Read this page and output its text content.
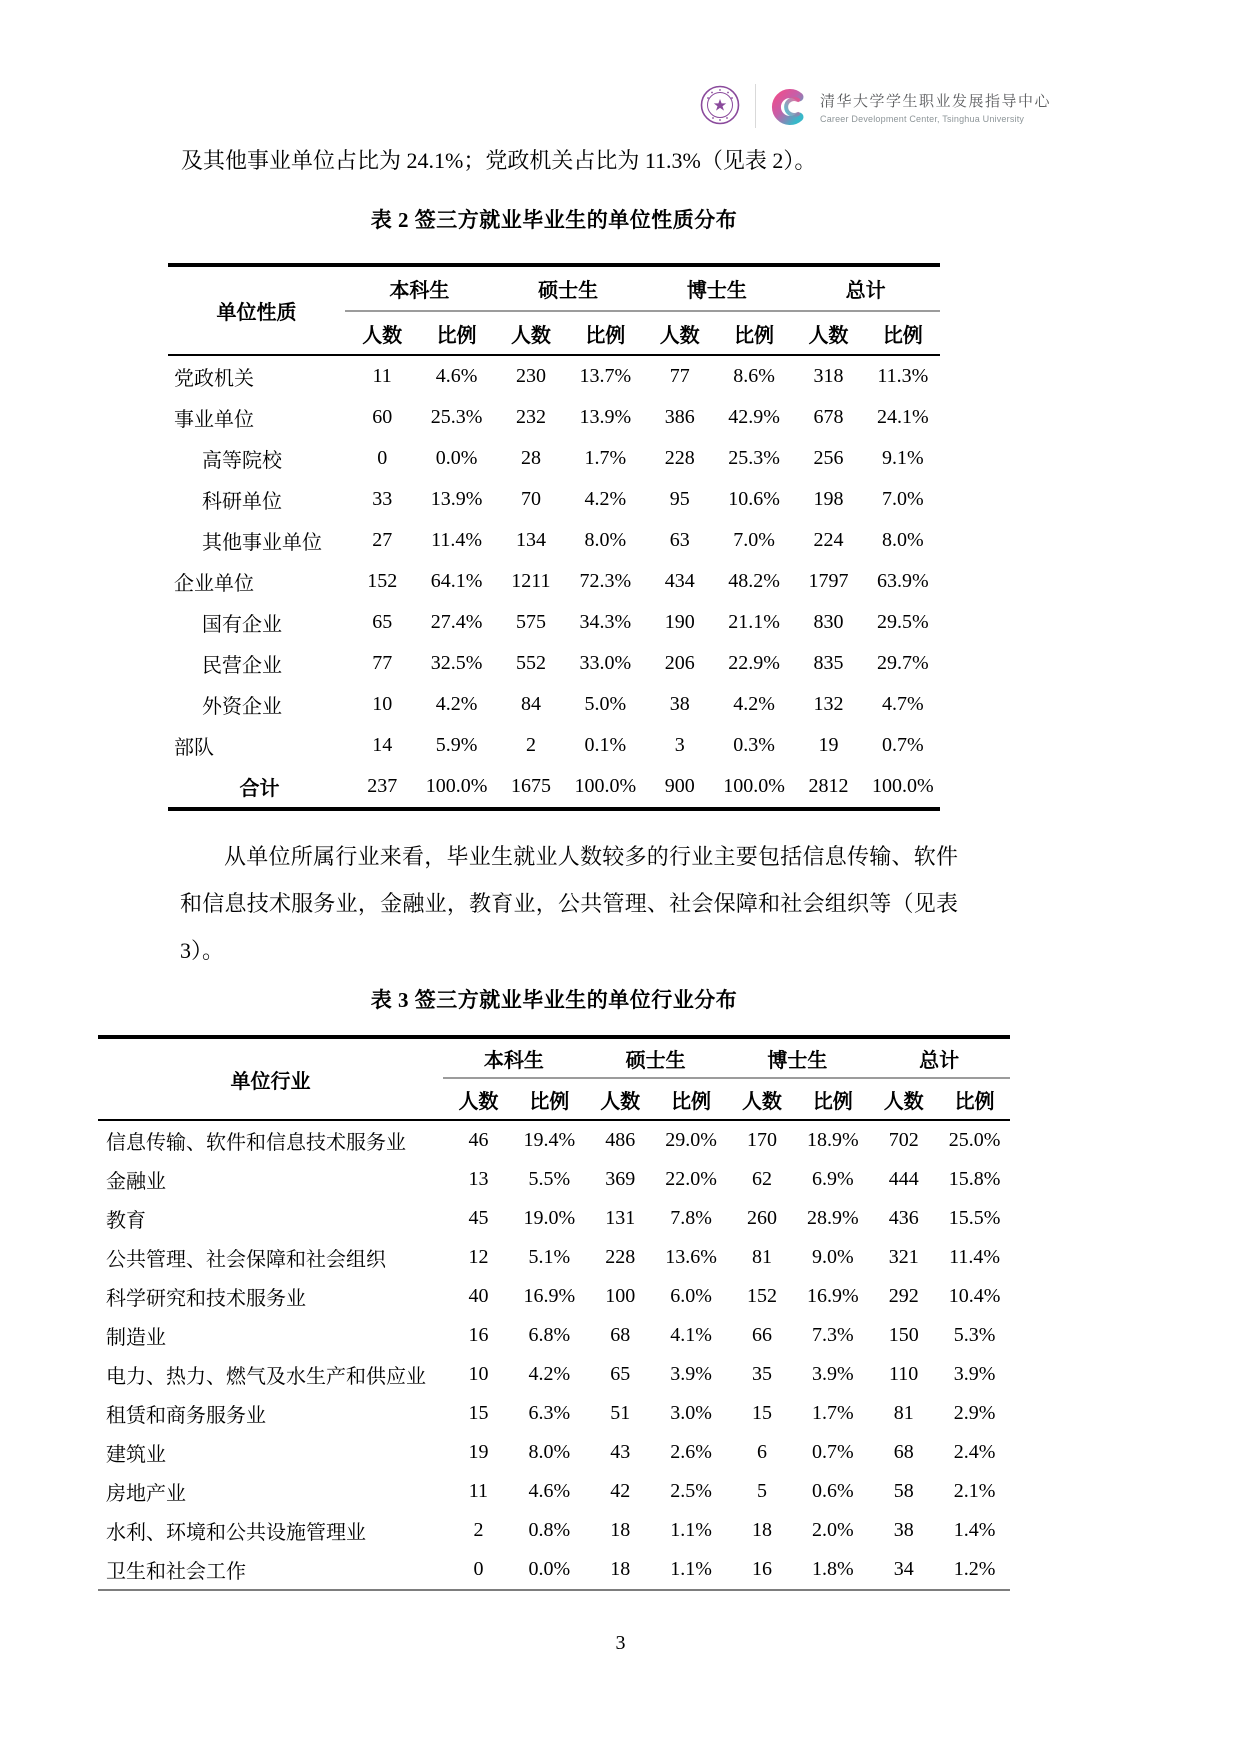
清华大学学生职业发展指导中心
Career Development Center, Tsinghua University
及其他事业单位占比为 24.1%；党政机关占比为 11.3%（见表 2）。
表 2 签三方就业毕业生的单位性质分布
单位性质	本科生		硕士生		博士生		总计	
	人数	比例	人数	比例	人数	比例	人数	比例
党政机关	11	4.6%	230	13.7%	77	8.6%	318	11.3%
事业单位	60	25.3%	232	13.9%	386	42.9%	678	24.1%
高等院校	0	0.0%	28	1.7%	228	25.3%	256	9.1%
科研单位	33	13.9%	70	4.2%	95	10.6%	198	7.0%
其他事业单位	27	11.4%	134	8.0%	63	7.0%	224	8.0%
企业单位	152	64.1%	1211	72.3%	434	48.2%	1797	63.9%
国有企业	65	27.4%	575	34.3%	190	21.1%	830	29.5%
民营企业	77	32.5%	552	33.0%	206	22.9%	835	29.7%
外资企业	10	4.2%	84	5.0%	38	4.2%	132	4.7%
部队	14	5.9%	2	0.1%	3	0.3%	19	0.7%
合计	237	100.0%	1675	100.0%	900	100.0%	2812	100.0%
从单位所属行业来看，毕业生就业人数较多的行业主要包括信息传输、软件和信息技术服务业，金融业，教育业，公共管理、社会保障和社会组织等（见表 3）。
表 3 签三方就业毕业生的单位行业分布
单位行业	本科生		硕士生		博士生		总计	
	人数	比例	人数	比例	人数	比例	人数	比例
信息传输、软件和信息技术服务业	46	19.4%	486	29.0%	170	18.9%	702	25.0%
金融业	13	5.5%	369	22.0%	62	6.9%	444	15.8%
教育	45	19.0%	131	7.8%	260	28.9%	436	15.5%
公共管理、社会保障和社会组织	12	5.1%	228	13.6%	81	9.0%	321	11.4%
科学研究和技术服务业	40	16.9%	100	6.0%	152	16.9%	292	10.4%
制造业	16	6.8%	68	4.1%	66	7.3%	150	5.3%
电力、热力、燃气及水生产和供应业	10	4.2%	65	3.9%	35	3.9%	110	3.9%
租赁和商务服务业	15	6.3%	51	3.0%	15	1.7%	81	2.9%
建筑业	19	8.0%	43	2.6%	6	0.7%	68	2.4%
房地产业	11	4.6%	42	2.5%	5	0.6%	58	2.1%
水利、环境和公共设施管理业	2	0.8%	18	1.1%	18	2.0%	38	1.4%
卫生和社会工作	0	0.0%	18	1.1%	16	1.8%	34	1.2%
3
